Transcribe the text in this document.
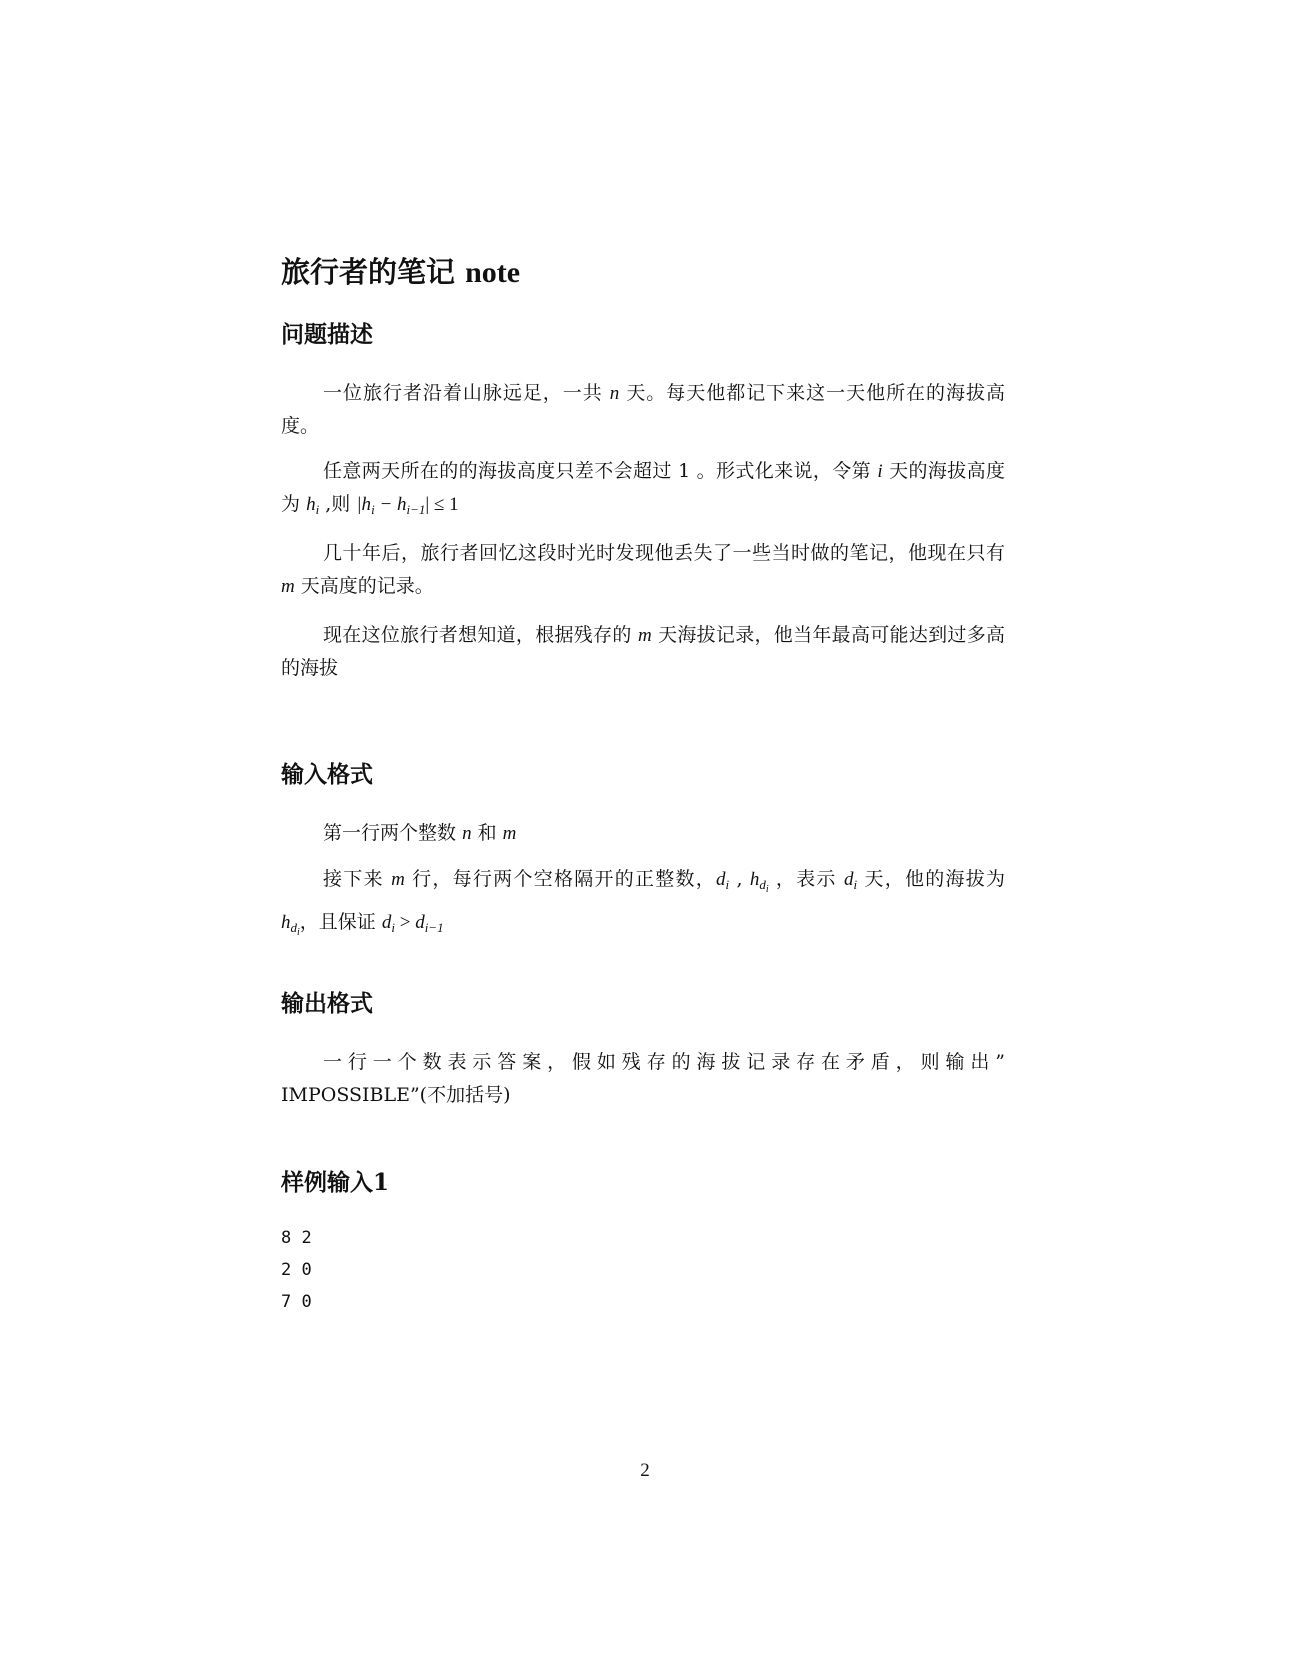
旅行者的笔记 note
问题描述

一位旅行者沿着山脉远足，一共 n 天。每天他都记下来这一天他所在的海拔高度。

任意两天所在的的海拔高度只差不会超过 1 。形式化来说，令第 i 天的海拔高度为 $h_i$ ,则 $|h_i - h_{i-1}| \le 1$

几十年后，旅行者回忆这段时光时发现他丢失了一些当时做的笔记，他现在只有 m 天高度的记录。

现在这位旅行者想知道，根据残存的 m 天海拔记录，他当年最高可能达到过多高的海拔

输入格式

第一行两个整数 n 和 m

接下来 m 行，每行两个空格隔开的正整数，$d_i$ , $h_{d_i}$ ，表示 $d_i$ 天，他的海拔为 $h_{d_i}$，且保证 $d_i > d_{i-1}$

输出格式

一行一个数表示答案，假如残存的海拔记录存在矛盾，则输出” IMPOSSIBLE”(不加括号)

样例输入1
8 2
2 0
7 0
2
